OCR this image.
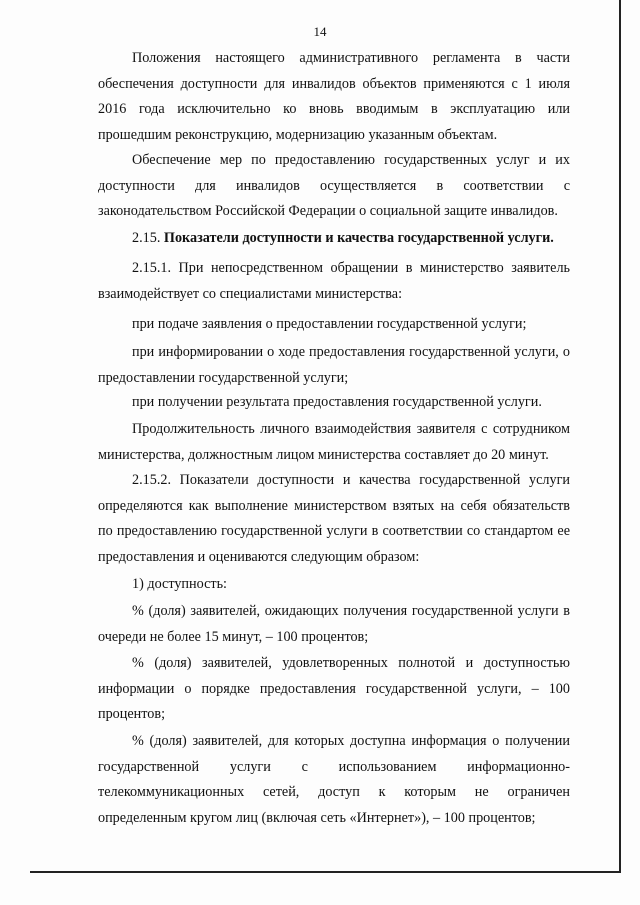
14

Положения настоящего административного регламента в части обеспечения доступности для инвалидов объектов применяются с 1 июля 2016 года исключительно ко вновь вводимым в эксплуатацию или прошедшим реконструкцию, модернизацию указанным объектам.

Обеспечение мер по предоставлению государственных услуг и их доступности для инвалидов осуществляется в соответствии с законодательством Российской Федерации о социальной защите инвалидов.

2.15. Показатели доступности и качества государственной услуги.

2.15.1. При непосредственном обращении в министерство заявитель взаимодействует со специалистами министерства:

при подаче заявления о предоставлении государственной услуги;

при информировании о ходе предоставления государственной услуги, о предоставлении государственной услуги;

при получении результата предоставления государственной услуги.

Продолжительность личного взаимодействия заявителя с сотрудником министерства, должностным лицом министерства составляет до 20 минут.

2.15.2. Показатели доступности и качества государственной услуги определяются как выполнение министерством взятых на себя обязательств по предоставлению государственной услуги в соответствии со стандартом ее предоставления и оцениваются следующим образом:

1) доступность:

% (доля) заявителей, ожидающих получения государственной услуги в очереди не более 15 минут, – 100 процентов;

% (доля) заявителей, удовлетворенных полнотой и доступностью информации о порядке предоставления государственной услуги, – 100 процентов;

% (доля) заявителей, для которых доступна информация о получении государственной услуги с использованием информационно-телекоммуникационных сетей, доступ к которым не ограничен определенным кругом лиц (включая сеть «Интернет»), – 100 процентов;
